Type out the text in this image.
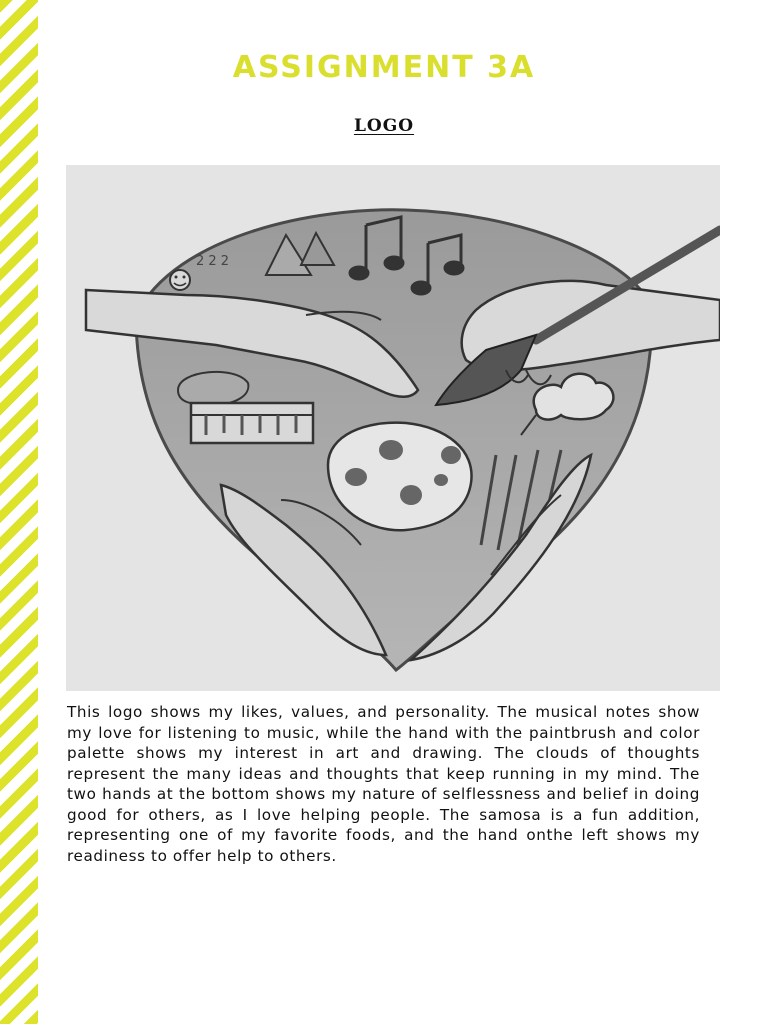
ASSIGNMENT 3A
LOGO
2 2 2

This logo shows my likes, values, and personality. The musical notes show my love for listening to music, while the hand with the paintbrush and color palette shows my interest in art and drawing. The clouds of thoughts represent the many ideas and thoughts that keep running in my mind. The two hands at the bottom shows my nature of selflessness and belief in doing good for others, as I love helping people. The samosa is a fun addition, representing one of my favorite foods, and the hand onthe left shows my readiness to offer help to others.
